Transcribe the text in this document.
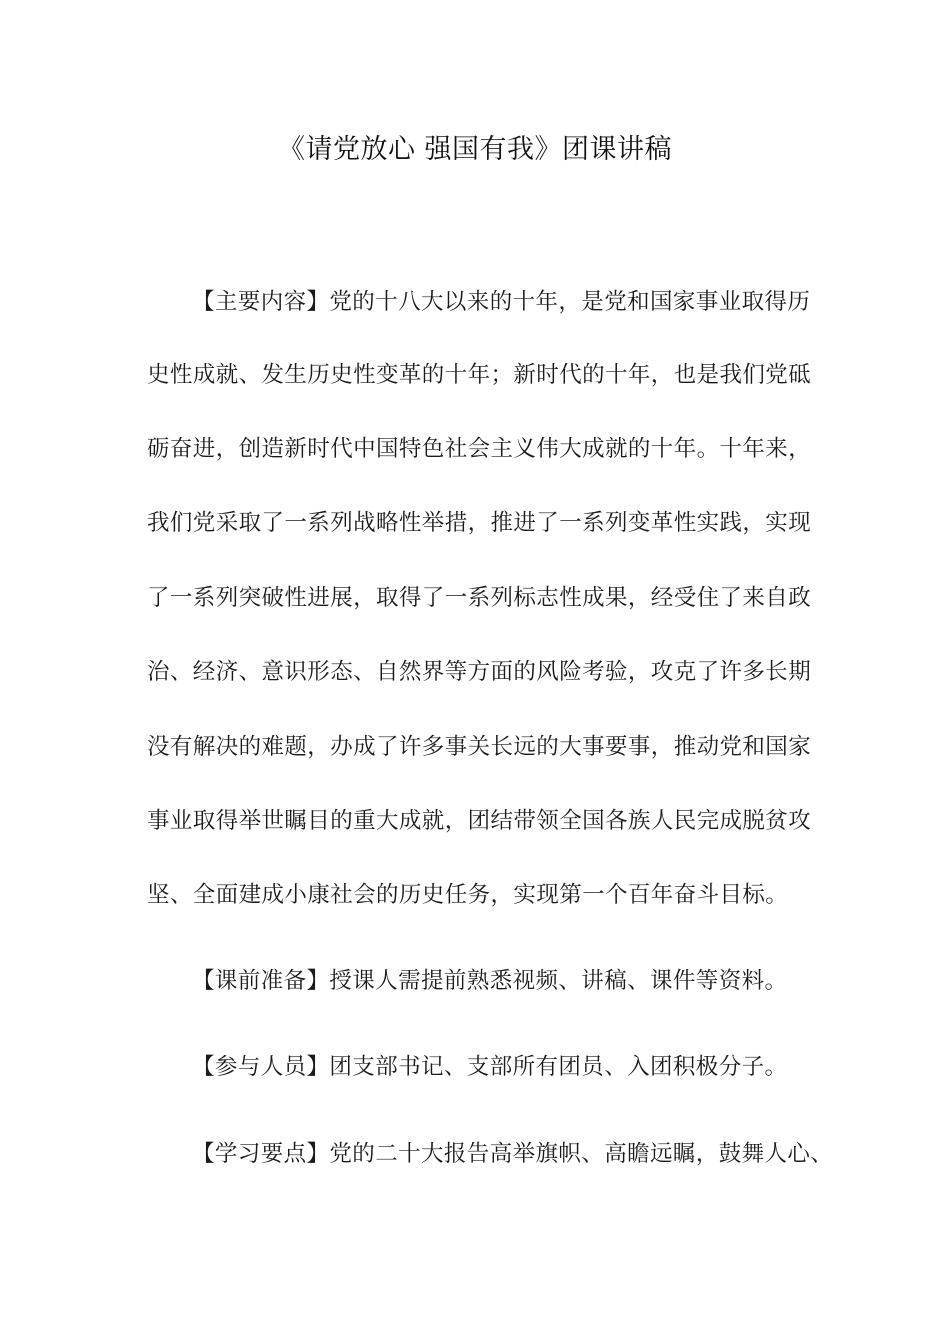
《请党放心 强国有我》团课讲稿

【主要内容】党的十八大以来的十年，是党和国家事业取得历

史性成就、发生历史性变革的十年；新时代的十年，也是我们党砥

砺奋进，创造新时代中国特色社会主义伟大成就的十年。十年来，

我们党采取了一系列战略性举措，推进了一系列变革性实践，实现

了一系列突破性进展，取得了一系列标志性成果，经受住了来自政

治、经济、意识形态、自然界等方面的风险考验，攻克了许多长期

没有解决的难题，办成了许多事关长远的大事要事，推动党和国家

事业取得举世瞩目的重大成就，团结带领全国各族人民完成脱贫攻

坚、全面建成小康社会的历史任务，实现第一个百年奋斗目标。

【课前准备】授课人需提前熟悉视频、讲稿、课件等资料。

【参与人员】团支部书记、支部所有团员、入团积极分子。

【学习要点】党的二十大报告高举旗帜、高瞻远瞩，鼓舞人心、
